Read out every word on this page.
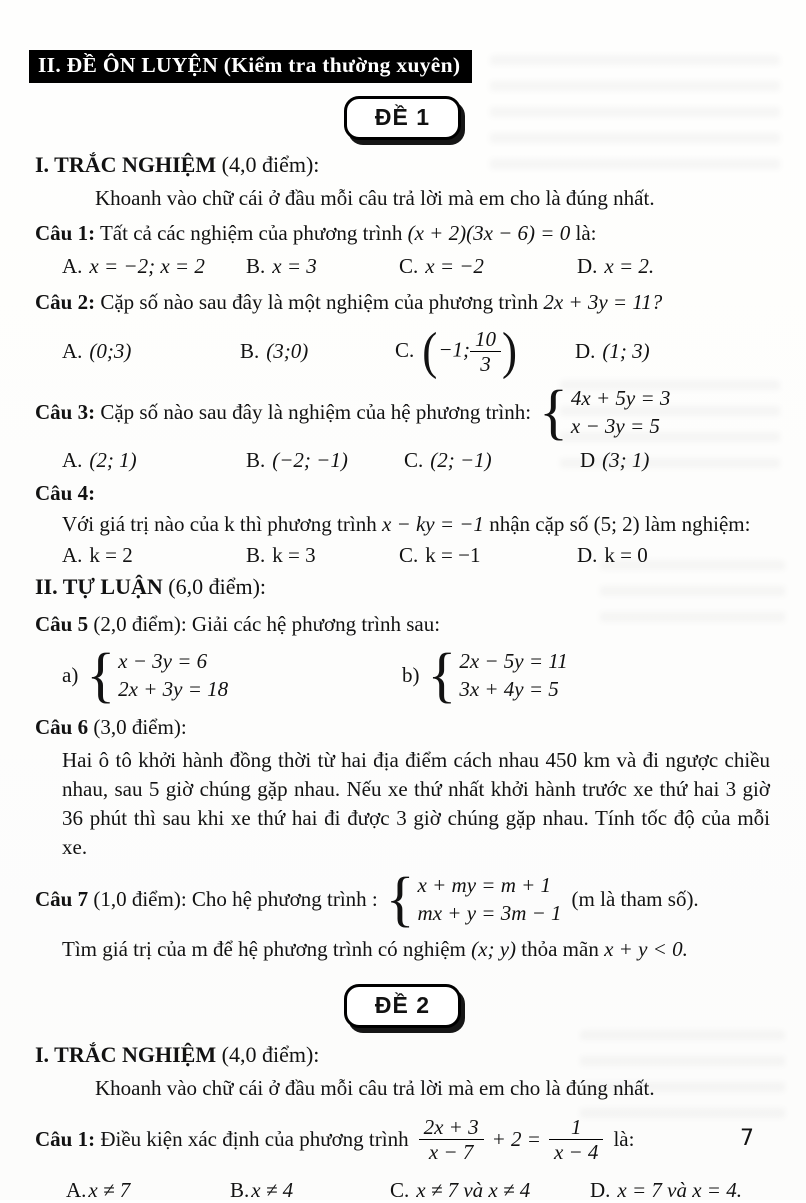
II. ĐỀ ÔN LUYỆN (Kiểm tra thường xuyên)
ĐỀ 1
I. TRẮC NGHIỆM (4,0 điểm):
Khoanh vào chữ cái ở đầu mỗi câu trả lời mà em cho là đúng nhất.
Câu 1: Tất cả các nghiệm của phương trình (x + 2)(3x − 6) = 0 là:
A. x = −2; x = 2	B. x = 3	C. x = −2	D. x = 2.
Câu 2: Cặp số nào sau đây là một nghiệm của phương trình 2x + 3y = 11?
A. (0;3)	B. (3;0)	C. (−1; $\frac{10}{3}$ )	D. (1; 3)
Câu 3: Cặp số nào sau đây là nghiệm của hệ phương trình: { 4x + 5y = 3
x − 3y = 5
A. (2; 1)	B. (−2; −1)	C. (2; −1)	D (3; 1)
Câu 4:
Với giá trị nào của k thì phương trình x − ky = −1 nhận cặp số (5; 2) làm nghiệm:
A. k = 2	B. k = 3	C. k = −1	D. k = 0
II. TỰ LUẬN (6,0 điểm):
Câu 5 (2,0 điểm): Giải các hệ phương trình sau:
a) { x − 3y = 6
2x + 3y = 18
b) { 2x − 5y = 11
3x + 4y = 5
Câu 6 (3,0 điểm):
Hai ô tô khởi hành đồng thời từ hai địa điểm cách nhau 450 km và đi ngược chiều nhau, sau 5 giờ chúng gặp nhau. Nếu xe thứ nhất khởi hành trước xe thứ hai 3 giờ 36 phút thì sau khi xe thứ hai đi được 3 giờ chúng gặp nhau. Tính tốc độ của mỗi xe.
Câu 7 (1,0 điểm): Cho hệ phương trình : { x + my = m + 1
mx + y = 3m − 1
(m là tham số).
Tìm giá trị của m để hệ phương trình có nghiệm (x; y) thỏa mãn x + y < 0.
ĐỀ 2
I. TRẮC NGHIỆM (4,0 điểm):
Khoanh vào chữ cái ở đầu mỗi câu trả lời mà em cho là đúng nhất.
Câu 1: Điều kiện xác định của phương trình $\frac{2x + 3}{x - 7} + 2 = \frac{1}{x - 4}$ là:
A.x ≠ 7	B.x ≠ 4	C. x ≠ 7 và x ≠ 4	D. x = 7 và x = 4.
7
